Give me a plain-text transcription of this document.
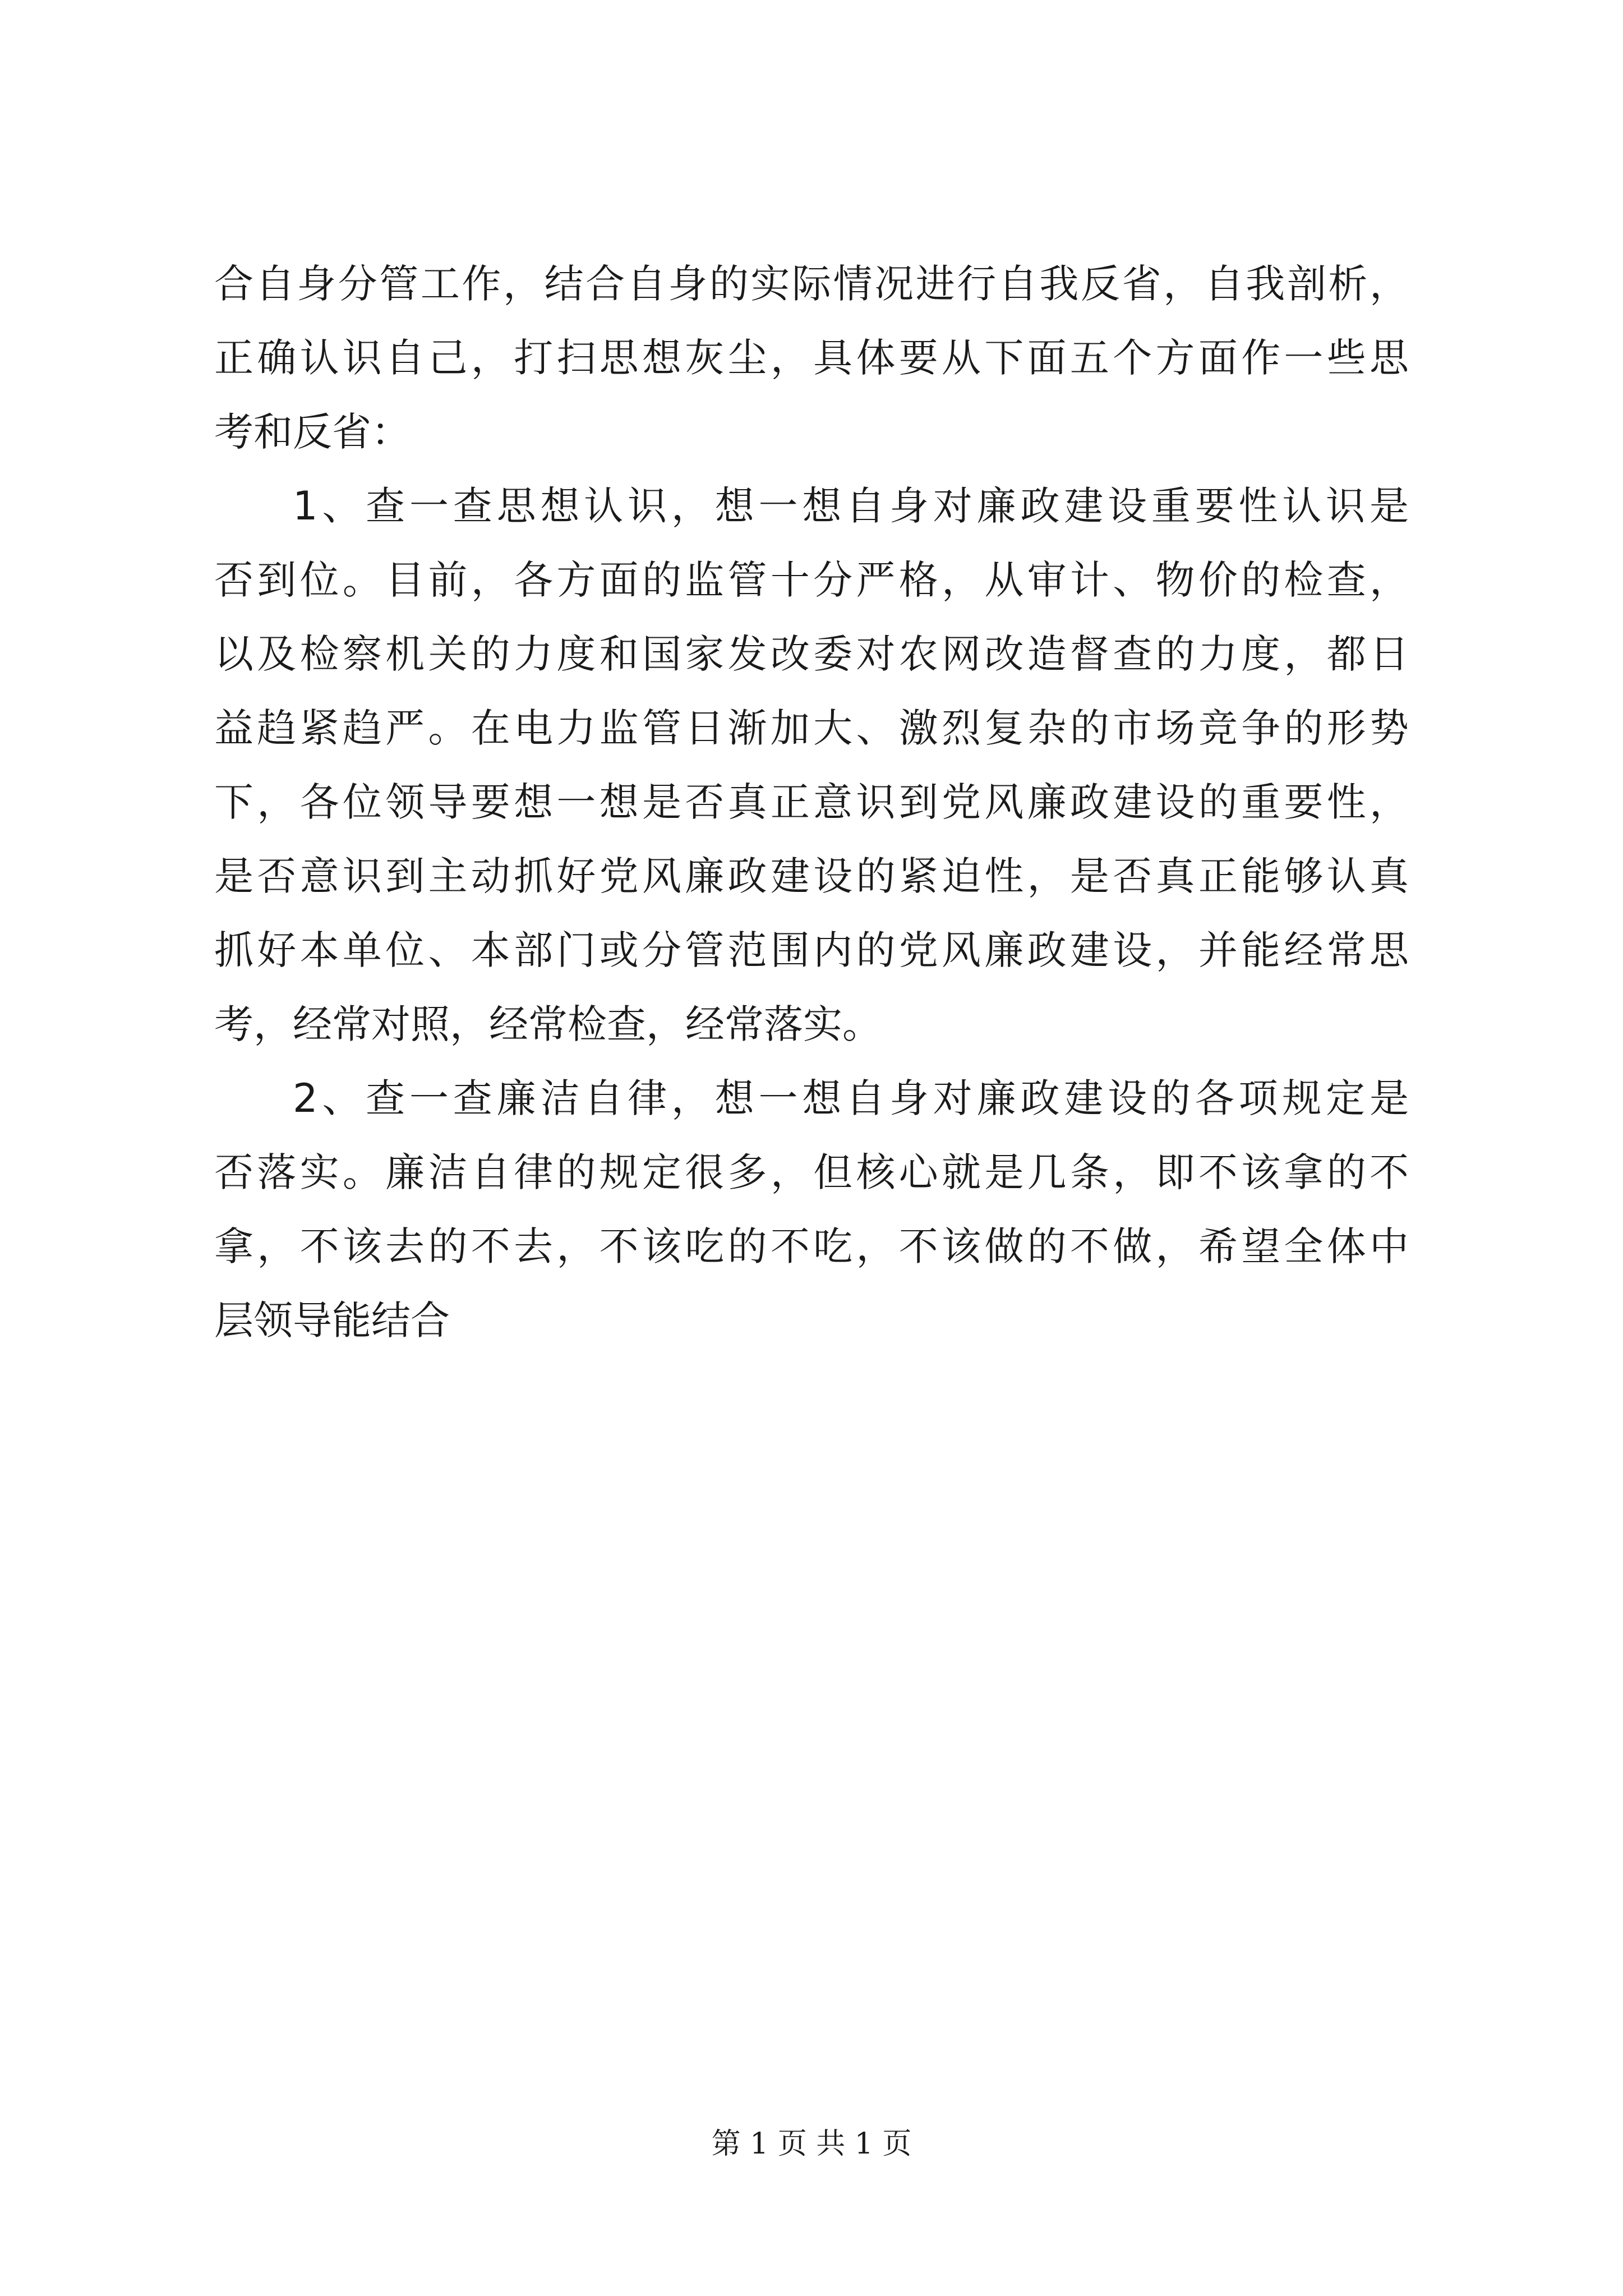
合自身分管工作，结合自身的实际情况进行自我反省，自我剖析，
正确认识自己，打扫思想灰尘，具体要从下面五个方面作一些思
考和反省：
1、查一查思想认识，想一想自身对廉政建设重要性认识是
否到位。目前，各方面的监管十分严格，从审计、物价的检查，
以及检察机关的力度和国家发改委对农网改造督查的力度，都日
益趋紧趋严。在电力监管日渐加大、激烈复杂的市场竞争的形势
下，各位领导要想一想是否真正意识到党风廉政建设的重要性，
是否意识到主动抓好党风廉政建设的紧迫性，是否真正能够认真
抓好本单位、本部门或分管范围内的党风廉政建设，并能经常思
考，经常对照，经常检查，经常落实。
2、查一查廉洁自律，想一想自身对廉政建设的各项规定是
否落实。廉洁自律的规定很多，但核心就是几条，即不该拿的不
拿，不该去的不去，不该吃的不吃，不该做的不做，希望全体中
层领导能结合
第 1 页 共 1 页
